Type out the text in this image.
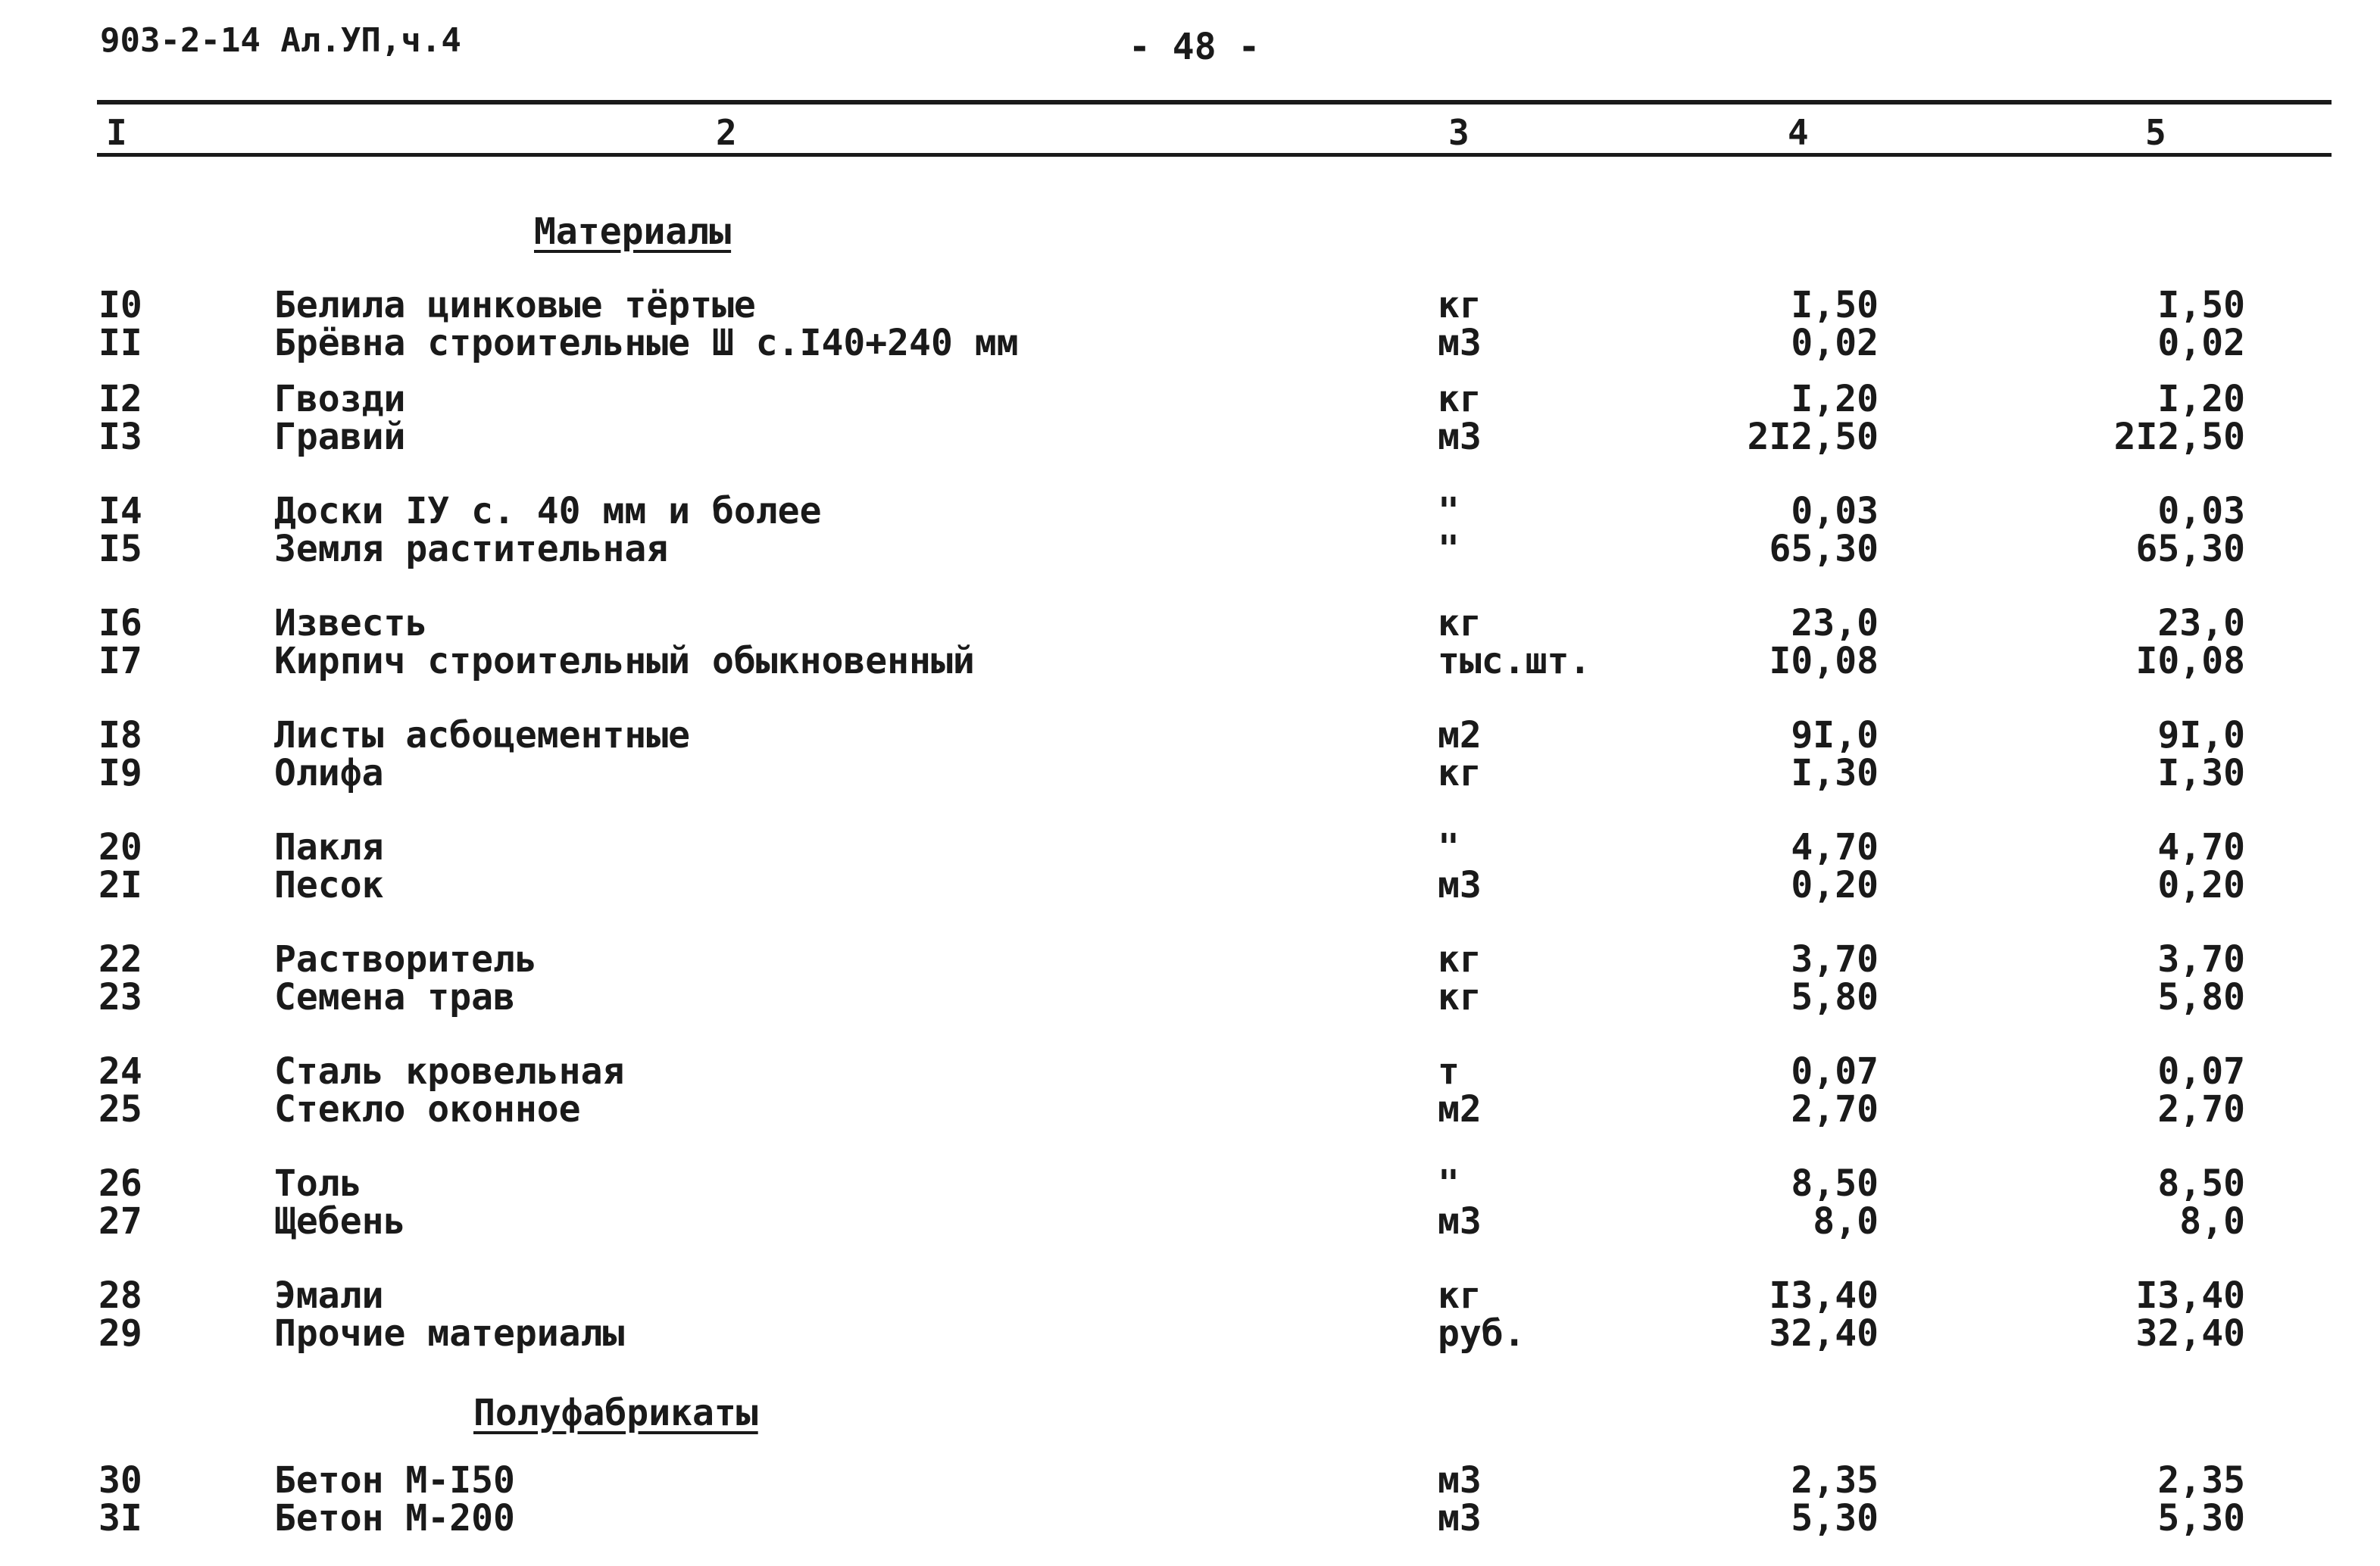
903-2-14 Ал.УП,ч.4	- 48 -
I	2	3	4	5
Материалы
Полуфабрикаты
I0	Белила цинковые тёртые	кг	I,50	I,50
II	Брёвна строительные Ш с.I40+240 мм	м3	0,02	0,02
I2	Гвозди	кг	I,20	I,20
I3	Гравий	м3	2I2,50	2I2,50
I4	Доски IУ с. 40 мм и более	"	0,03	0,03
I5	Земля растительная	"	65,30	65,30
I6	Известь	кг	23,0	23,0
I7	Кирпич строительный обыкновенный	тыс.шт.	I0,08	I0,08
I8	Листы асбоцементные	м2	9I,0	9I,0
I9	Олифа	кг	I,30	I,30
20	Пакля	"	4,70	4,70
2I	Песок	м3	0,20	0,20
22	Растворитель	кг	3,70	3,70
23	Семена трав	кг	5,80	5,80
24	Сталь кровельная	т	0,07	0,07
25	Стекло оконное	м2	2,70	2,70
26	Толь	"	8,50	8,50
27	Щебень	м3	8,0	8,0
28	Эмали	кг	I3,40	I3,40
29	Прочие материалы	руб.	32,40	32,40
30	Бетон М-I50	м3	2,35	2,35
3I	Бетон М-200	м3	5,30	5,30
